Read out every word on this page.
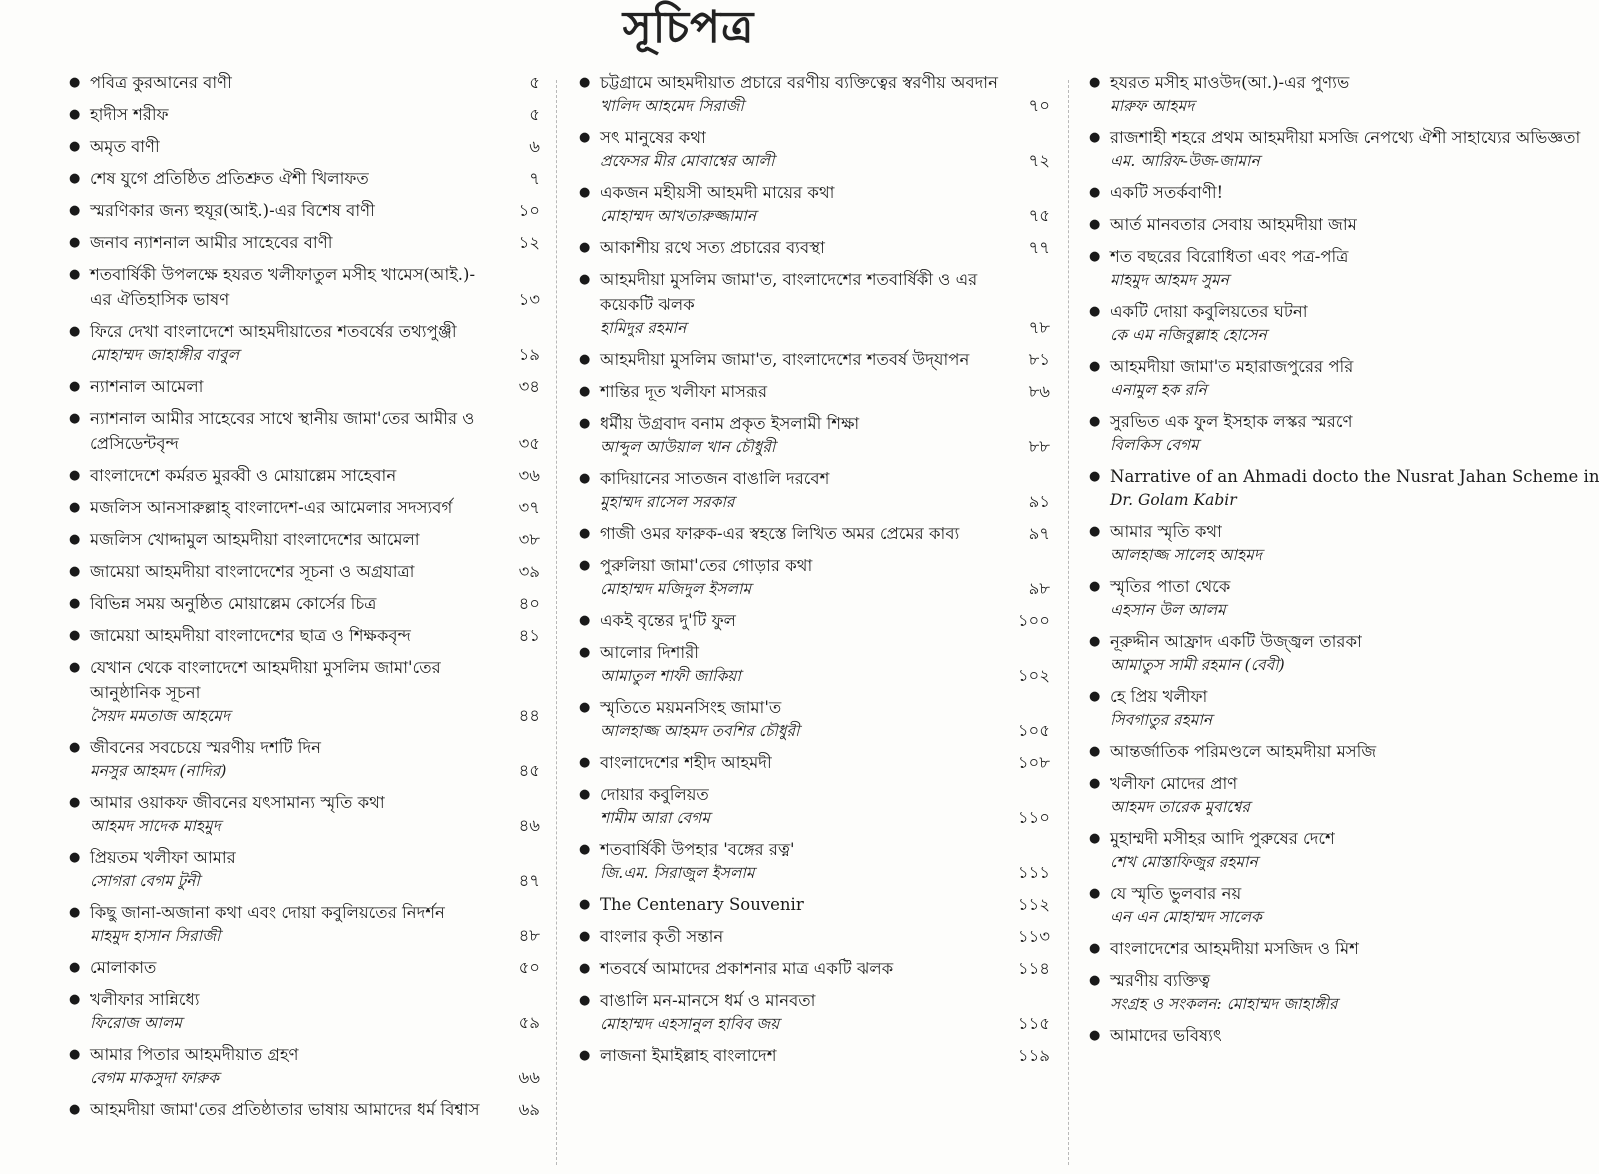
সূচিপত্র
● পবিত্র কুরআনের বাণী	৫
● হাদীস শরীফ	৫
● অমৃত বাণী	৬
● শেষ যুগে প্রতিষ্ঠিত প্রতিশ্রুত ঐশী খিলাফত	৭
● স্মরণিকার জন্য হুযূর(আই.)-এর বিশেষ বাণী	১০
● জনাব ন্যাশনাল আমীর সাহেবের বাণী	১২
● শতবার্ষিকী উপলক্ষে হযরত খলীফাতুল মসীহ খামেস(আই.)-এর ঐতিহাসিক ভাষণ	১৩
● ফিরে দেখা বাংলাদেশে আহমদীয়াতের শতবর্ষের তথ্যপুঞ্জী
মোহাম্মদ জাহাঙ্গীর বাবুল	১৯
● ন্যাশনাল আমেলা	৩৪
● ন্যাশনাল আমীর সাহেবের সাথে স্থানীয় জামা'তের আমীর ও প্রেসিডেন্টবৃন্দ	৩৫
● বাংলাদেশে কর্মরত মুরব্বী ও মোয়াল্লেম সাহেবান	৩৬
● মজলিস আনসারুল্লাহ্ বাংলাদেশ-এর আমেলার সদস্যবর্গ	৩৭
● মজলিস খোদ্দামুল আহমদীয়া বাংলাদেশের আমেলা	৩৮
● জামেয়া আহমদীয়া বাংলাদেশের সূচনা ও অগ্রযাত্রা	৩৯
● বিভিন্ন সময় অনুষ্ঠিত মোয়াল্লেম কোর্সের চিত্র	৪০
● জামেয়া আহমদীয়া বাংলাদেশের ছাত্র ও শিক্ষকবৃন্দ	৪১
● যেখান থেকে বাংলাদেশে আহমদীয়া মুসলিম জামা'তের আনুষ্ঠানিক সূচনা
সৈয়দ মমতাজ আহমেদ	৪৪
● জীবনের সবচেয়ে স্মরণীয় দশটি দিন
মনসুর আহমদ (নাদির)	৪৫
● আমার ওয়াকফ জীবনের যৎসামান্য স্মৃতি কথা
আহমদ সাদেক মাহমুদ	৪৬
● প্রিয়তম খলীফা আমার
সোগরা বেগম টুনী	৪৭
● কিছু জানা-অজানা কথা এবং দোয়া কবুলিয়তের নিদর্শন
মাহমুদ হাসান সিরাজী	৪৮
● মোলাকাত	৫০
● খলীফার সান্নিধ্যে
ফিরোজ আলম	৫৯
● আমার পিতার আহমদীয়াত গ্রহণ
বেগম মাকসুদা ফারুক	৬৬
● আহমদীয়া জামা'তের প্রতিষ্ঠাতার ভাষায় আমাদের ধর্ম বিশ্বাস	৬৯
● চট্টগ্রামে আহমদীয়াত প্রচারে বরণীয় ব্যক্তিত্বের স্বরণীয় অবদান
খালিদ আহমেদ সিরাজী	৭০
● সৎ মানুষের কথা
প্রফেসর মীর মোবাশ্বের আলী	৭২
● একজন মহীয়সী আহমদী মায়ের কথা
মোহাম্মদ আখতারুজ্জামান	৭৫
● আকাশীয় রথে সত্য প্রচারের ব্যবস্থা	৭৭
● আহমদীয়া মুসলিম জামা'ত, বাংলাদেশের শতবার্ষিকী ও এর কয়েকটি ঝলক
হামিদুর রহমান	৭৮
● আহমদীয়া মুসলিম জামা'ত, বাংলাদেশের শতবর্ষ উদ্‌যাপন	৮১
● শান্তির দূত খলীফা মাসরূর	৮৬
● ধর্মীয় উগ্রবাদ বনাম প্রকৃত ইসলামী শিক্ষা
আব্দুল আউয়াল খান চৌধুরী	৮৮
● কাদিয়ানের সাতজন বাঙালি দরবেশ
মুহাম্মদ রাসেল সরকার	৯১
● গাজী ওমর ফারুক-এর স্বহস্তে লিখিত অমর প্রেমের কাব্য	৯৭
● পুরুলিয়া জামা'তের গোড়ার কথা
মোহাম্মদ মজিদুল ইসলাম	৯৮
● একই বৃন্তের দু'টি ফুল	১০০
● আলোর দিশারী
আমাতুল শাফী জাকিয়া	১০২
● স্মৃতিতে ময়মনসিংহ জামা'ত
আলহাজ্জ আহমদ তবশির চৌধুরী	১০৫
● বাংলাদেশের শহীদ আহমদী	১০৮
● দোয়ার কবুলিয়ত
শামীম আরা বেগম	১১০
● শতবার্ষিকী উপহার 'বঙ্গের রত্ন'
জি.এম. সিরাজুল ইসলাম	১১১
● The Centenary Souvenir	১১২
● বাংলার কৃতী সন্তান	১১৩
● শতবর্ষে আমাদের প্রকাশনার মাত্র একটি ঝলক	১১৪
● বাঙালি মন-মানসে ধর্ম ও মানবতা
মোহাম্মদ এহসানুল হাবিব জয়	১১৫
● লাজনা ইমাইল্লাহ বাংলাদেশ	১১৯
● হযরত মসীহ মাওউদ(আ.)-এর পুণ্যভ
মারুফ আহমদ
● রাজশাহী শহরে প্রথম আহমদীয়া মসজি নেপথ্যে ঐশী সাহায্যের অভিজ্ঞতা
এম. আরিফ-উজ-জামান
● একটি সতর্কবাণী!
● আর্ত মানবতার সেবায় আহমদীয়া জাম
● শত বছরের বিরোধিতা এবং পত্র-পত্রি
মাহমুদ আহমদ সুমন
● একটি দোয়া কবুলিয়তের ঘটনা
কে এম নজিবুল্লাহ হোসেন
● আহমদীয়া জামা'ত মহারাজপুরের পরি
এনামুল হক রনি
● সুরভিত এক ফুল ইসহাক লস্কর স্মরণে
বিলকিস বেগম
● Narrative of an Ahmadi docto the Nusrat Jahan Scheme in
Dr. Golam Kabir
● আমার স্মৃতি কথা
আলহাজ্জ সালেহ আহমদ
● স্মৃতির পাতা থেকে
এহসান উল আলম
● নূরুদ্দীন আফ্রাদ একটি উজ্জ্বল তারকা
আমাতুস সামী রহমান (বেবী)
● হে প্রিয় খলীফা
সিবগাতুর রহমান
● আন্তর্জাতিক পরিমণ্ডলে আহমদীয়া মসজি
● খলীফা মোদের প্রাণ
আহমদ তারেক মুবাশ্বের
● মুহাম্মদী মসীহর আদি পুরুষের দেশে
শেখ মোস্তাফিজুর রহমান
● যে স্মৃতি ভুলবার নয়
এন এন মোহাম্মদ সালেক
● বাংলাদেশের আহমদীয়া মসজিদ ও মিশ
● স্মরণীয় ব্যক্তিত্ব
সংগ্রহ ও সংকলন: মোহাম্মদ জাহাঙ্গীর
● আমাদের ভবিষ্যৎ
